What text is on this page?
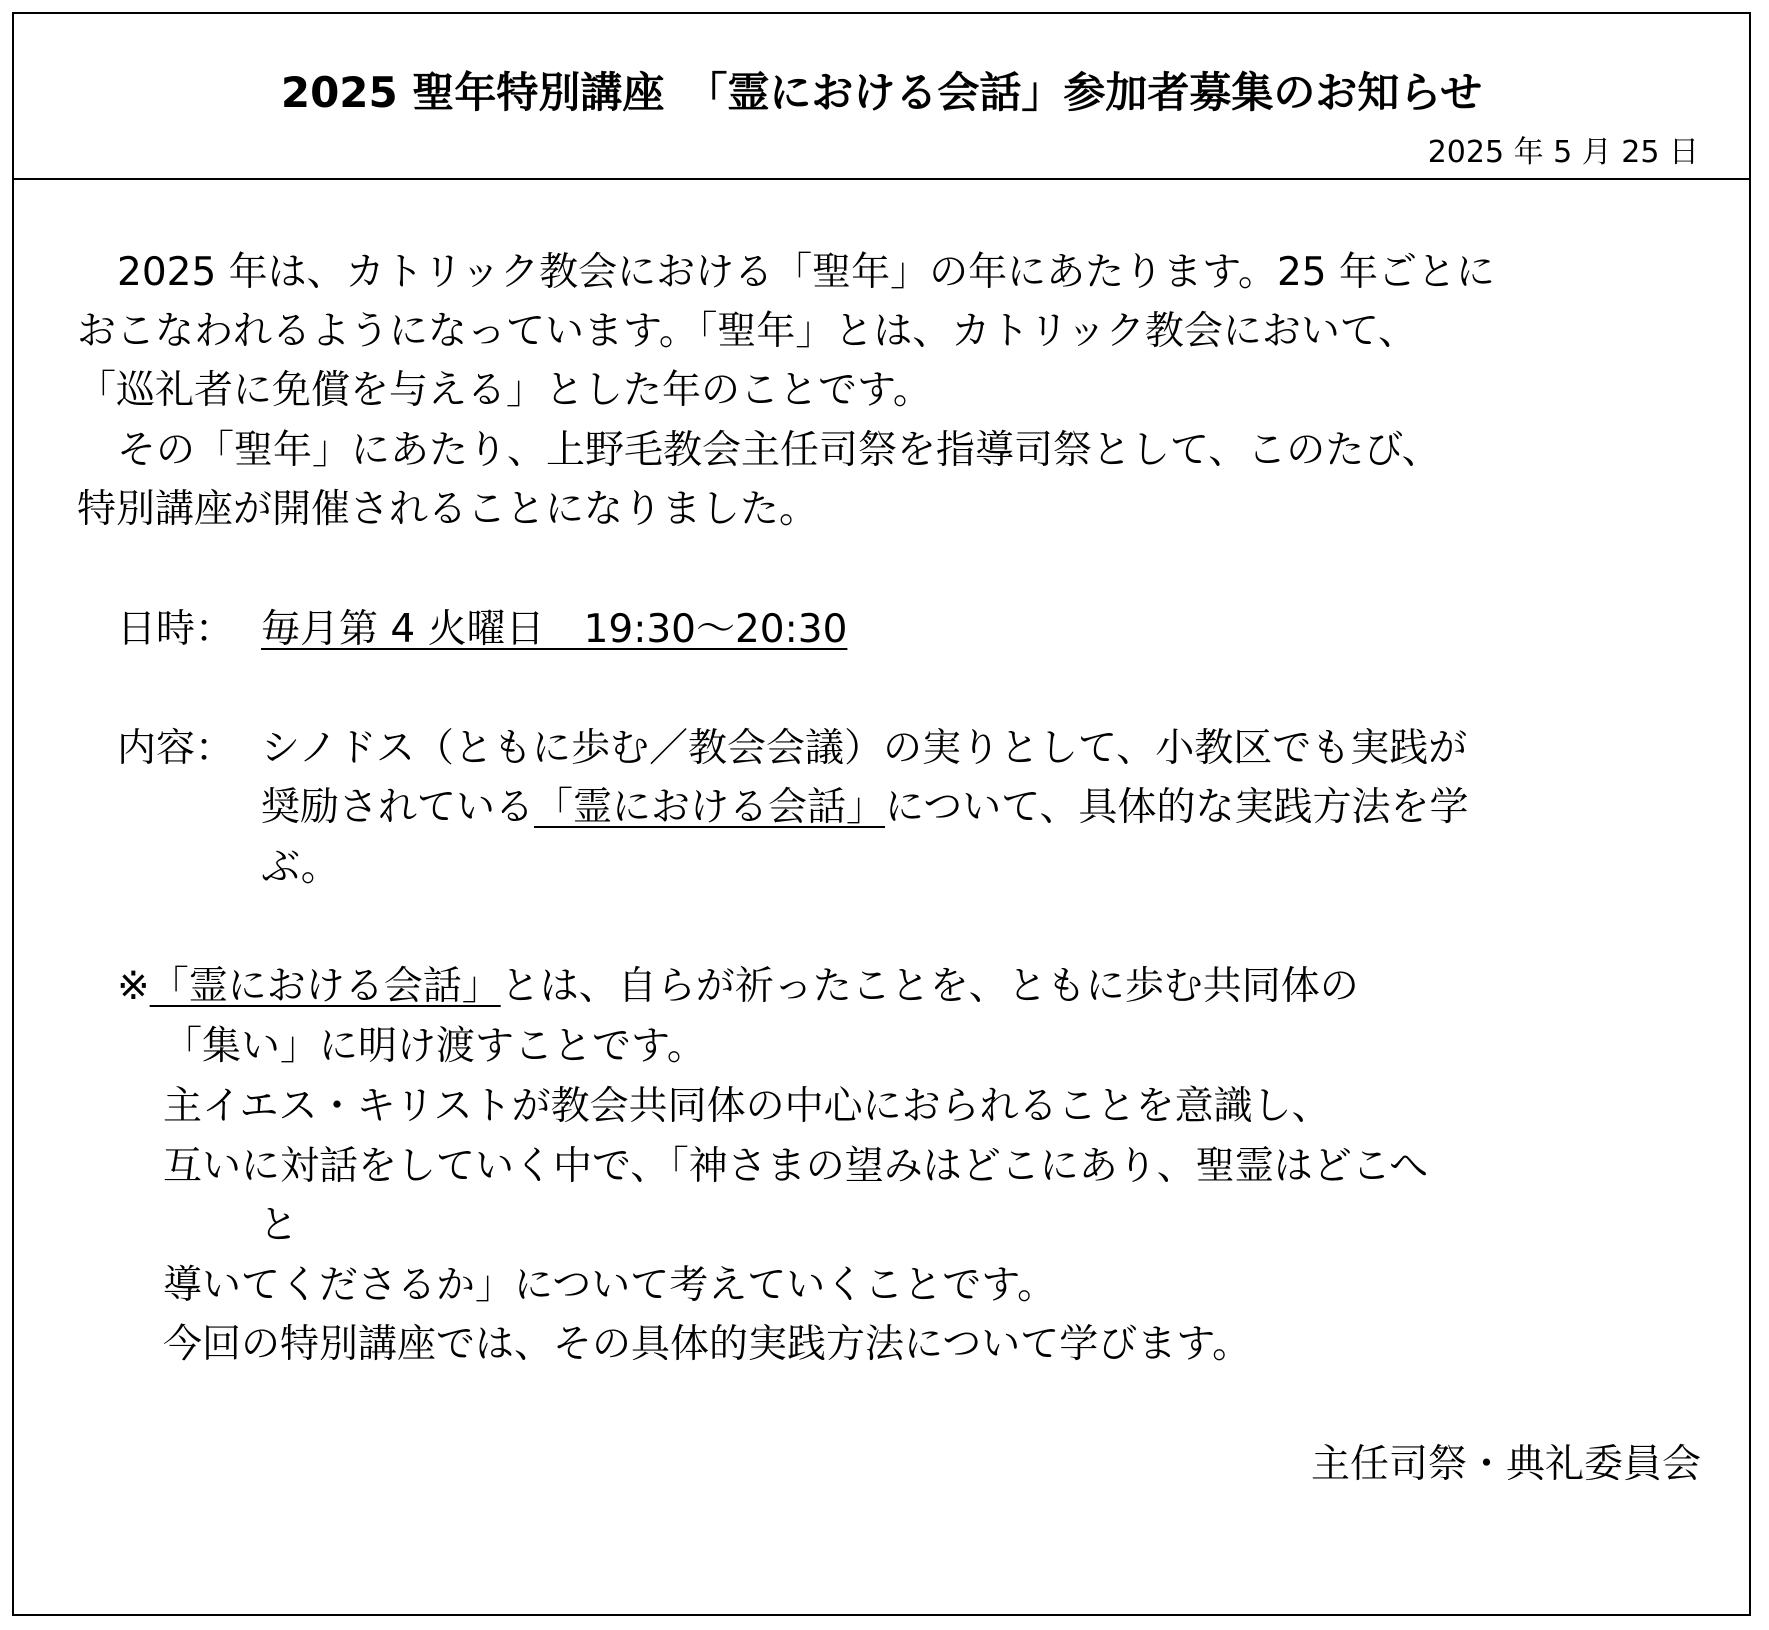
2025 聖年特別講座　「霊における会話」参加者募集のお知らせ
2025 年 5 月 25 日
2025 年は、カトリック教会における「聖年」の年にあたります。25 年ごとに
おこなわれるようになっています。「聖年」とは、カトリック教会において、
「巡礼者に免償を与える」とした年のことです。
その「聖年」にあたり、上野毛教会主任司祭を指導司祭として、このたび、
特別講座が開催されることになりました。
日時： 毎月第 4 火曜日　19:30～20:30
内容： シノドス（ともに歩む／教会会議）の実りとして、小教区でも実践が
奨励されている「霊における会話」について、具体的な実践方法を学
ぶ。
※「霊における会話」とは、自らが祈ったことを、ともに歩む共同体の
「集い」に明け渡すことです。
主イエス・キリストが教会共同体の中心におられることを意識し、
互いに対話をしていく中で、「神さまの望みはどこにあり、聖霊はどこへ
と
導いてくださるか」について考えていくことです。
今回の特別講座では、その具体的実践方法について学びます。
主任司祭・典礼委員会
